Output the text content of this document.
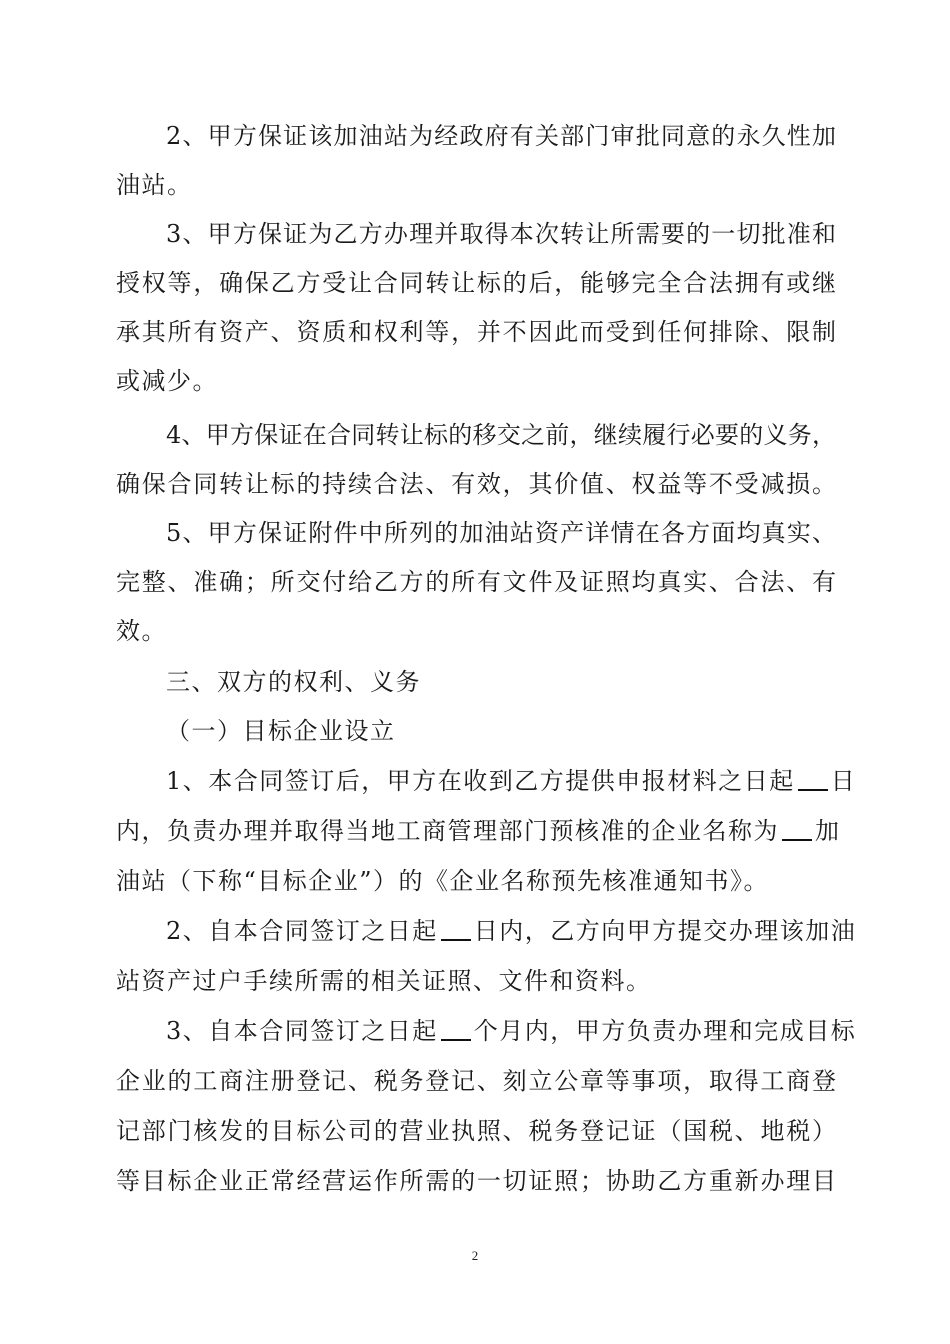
2、甲方保证该加油站为经政府有关部门审批同意的永久性加
油站。
3、甲方保证为乙方办理并取得本次转让所需要的一切批准和
授权等，确保乙方受让合同转让标的后，能够完全合法拥有或继
承其所有资产、资质和权利等，并不因此而受到任何排除、限制
或减少。
4、甲方保证在合同转让标的移交之前，继续履行必要的义务，
确保合同转让标的持续合法、有效，其价值、权益等不受减损。
5、甲方保证附件中所列的加油站资产详情在各方面均真实、
完整、准确；所交付给乙方的所有文件及证照均真实、合法、有
效。
三、双方的权利、义务
（一）目标企业设立
1、本合同签订后，甲方在收到乙方提供申报材料之日起 日
内，负责办理并取得当地工商管理部门预核准的企业名称为 加
油站（下称“目标企业”）的《企业名称预先核准通知书》。
2、自本合同签订之日起 日内，乙方向甲方提交办理该加油
站资产过户手续所需的相关证照、文件和资料。
3、自本合同签订之日起 个月内，甲方负责办理和完成目标
企业的工商注册登记、税务登记、刻立公章等事项，取得工商登
记部门核发的目标公司的营业执照、税务登记证（国税、地税）
等目标企业正常经营运作所需的一切证照；协助乙方重新办理目
2
